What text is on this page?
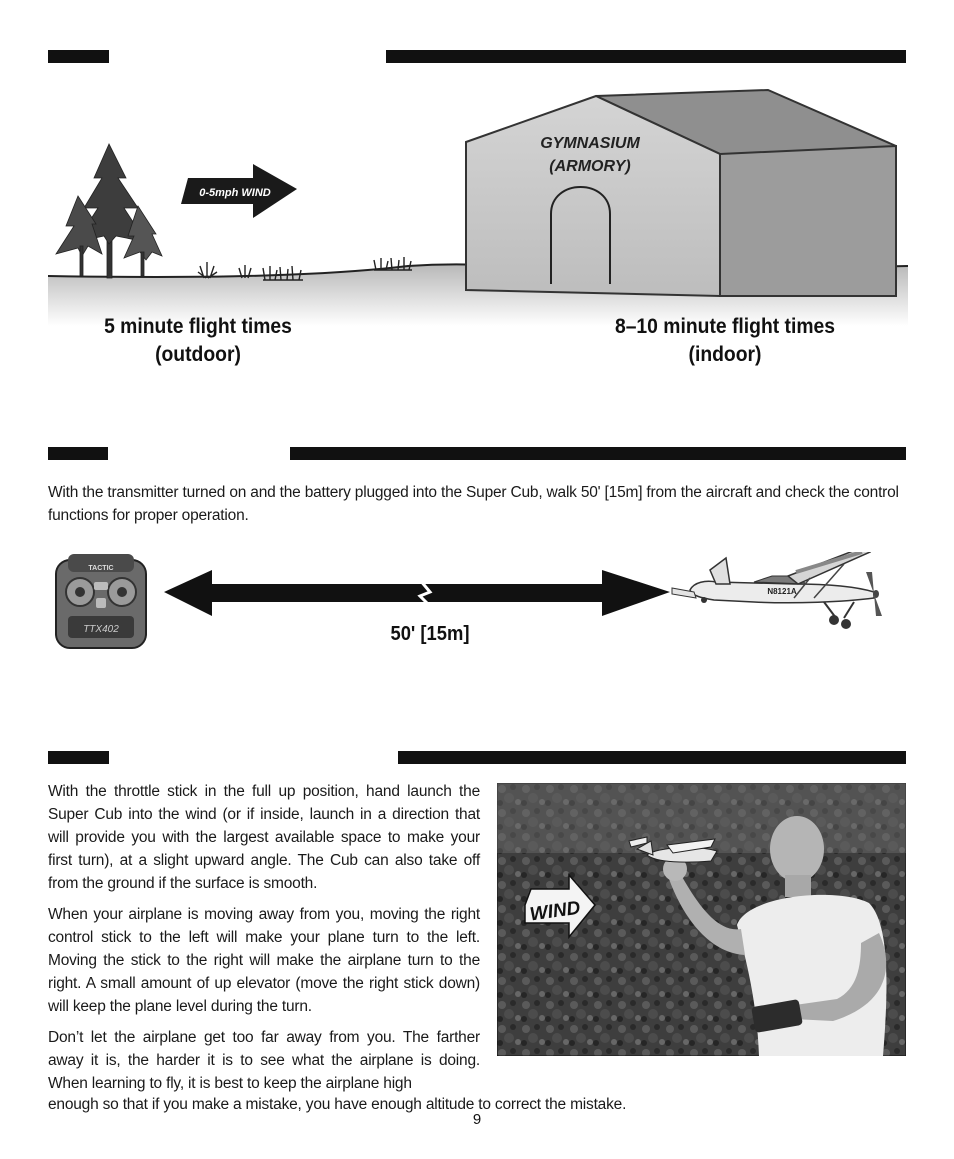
0-5mph WIND
GYMNASIUM
(ARMORY)
5 minute flight times
(outdoor)
8–10 minute flight times
(indoor)
With the transmitter turned on and the battery plugged into the Super Cub, walk 50' [15m] from the aircraft and check the control functions for proper operation.
TACTIC
TTX402
N8121A
50' [15m]

With the throttle stick in the full up position, hand launch the Super Cub into the wind (or if inside, launch in a direction that will provide you with the largest available space to make your first turn), at a slight upward angle. The Cub can also take off from the ground if the surface is smooth.

When your airplane is moving away from you, moving the right control stick to the left will make your plane turn to the left. Moving the stick to the right will make the airplane turn to the right. A small amount of up elevator (move the right stick down) will keep the plane level during the turn.

Don’t let the airplane get too far away from you. The farther away it is, the harder it is to see what the airplane is doing. When learning to fly, it is best to keep the airplane high

enough so that if you make a mistake, you have enough altitude to correct the mistake.
WIND
9
